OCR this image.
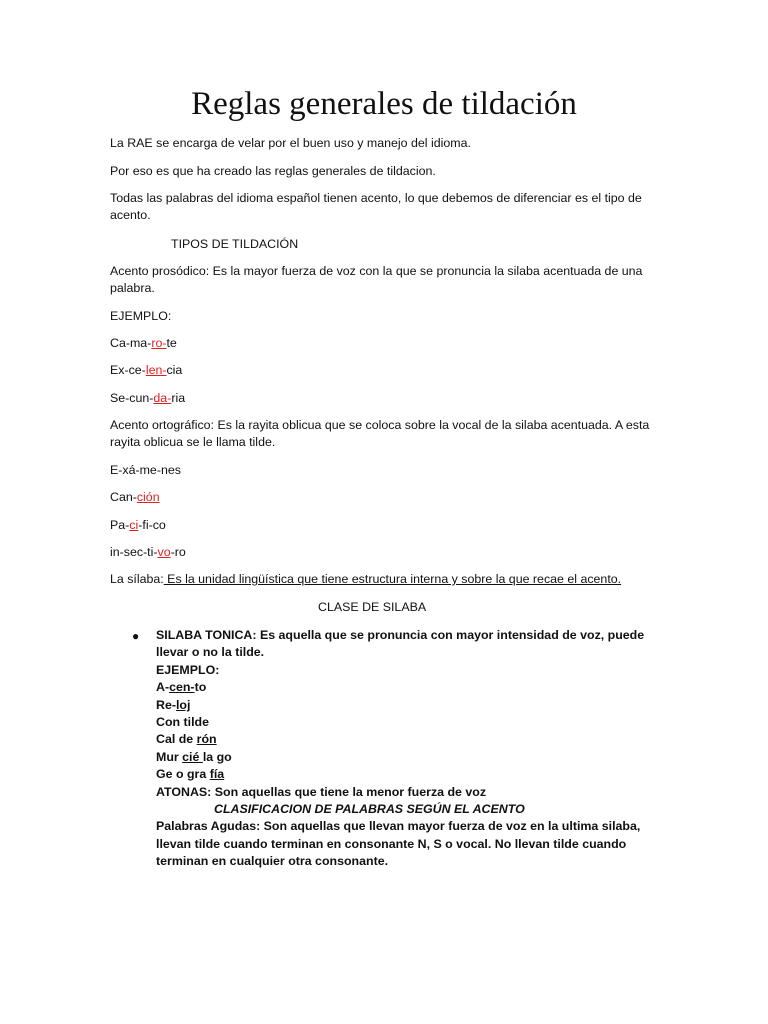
Reglas generales de tildación

La RAE se encarga de velar por el buen uso y manejo del idioma.

Por eso es que ha creado las reglas generales de tildacion.

Todas las palabras del idioma español tienen acento, lo que debemos de diferenciar es el tipo de acento.

TIPOS DE TILDACIÓN

Acento prosódico: Es la mayor fuerza de voz con la que se pronuncia la silaba acentuada de una palabra.

EJEMPLO:

Ca-ma-ro-te

Ex-ce-len-cia

Se-cun-da-ria

Acento ortográfico: Es la rayita oblicua que se coloca sobre la vocal de la silaba acentuada. A esta rayita oblicua se le llama tilde.

E-xá-me-nes

Can-ción

Pa-ci-fi-co

in-sec-ti-vo-ro

La sílaba: Es la unidad lingüística que tiene estructura interna y sobre la que recae el acento.

CLASE DE SILABA

● SILABA TONICA: Es aquella que se pronuncia con mayor intensidad de voz, puede llevar o no la tilde.
EJEMPLO:
A-cen-to
Re-loj
Con tilde
Cal de rón
Mur cié la go
Ge o gra fía
ATONAS: Son aquellas que tiene la menor fuerza de voz
CLASIFICACION DE PALABRAS SEGÚN EL ACENTO
Palabras Agudas: Son aquellas que llevan mayor fuerza de voz en la ultima silaba, llevan tilde cuando terminan en consonante N, S o vocal. No llevan tilde cuando terminan en cualquier otra consonante.
